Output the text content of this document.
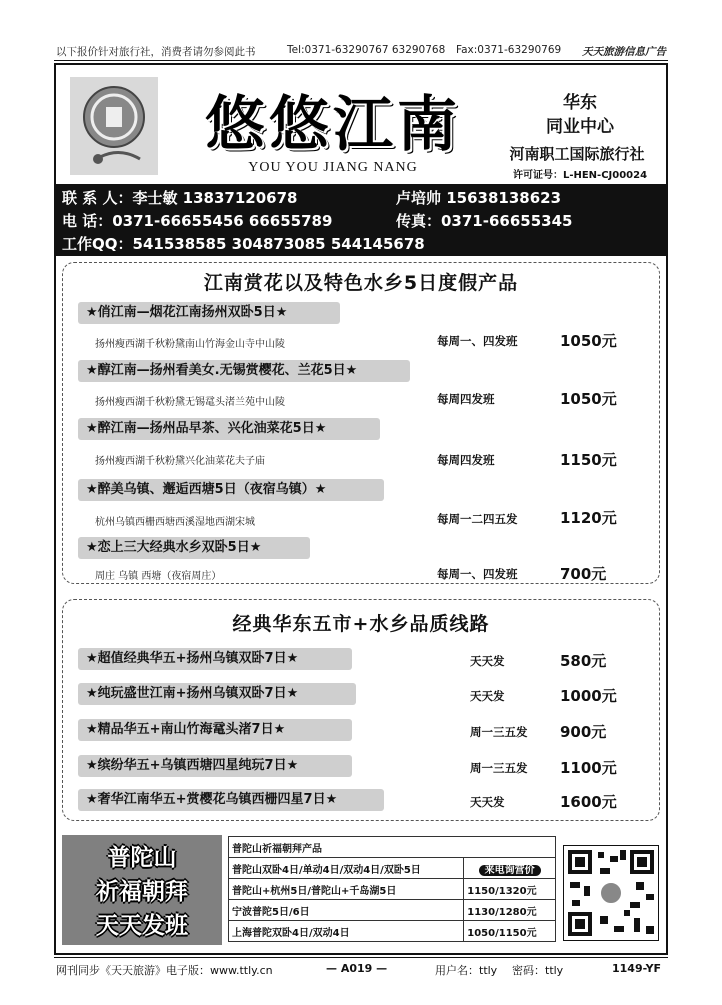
以下报价针对旅行社，消费者请勿参阅此书	Tel:0371-63290767 63290768 Fax:0371-63290769 天天旅游信息广告
悠悠江南
YOU YOU JIANG NANG
华东
同业中心
河南职工国际旅行社
许可证号：L-HEN-CJ00024
联 系 人：李士敏 13837120678	卢培帅 15638138623
电 话：0371-66655456 66655789	传真：0371-66655345
工作QQ：541538585 304873085 544145678
江南赏花以及特色水乡5日度假产品
★俏江南—烟花江南扬州双卧5日★
扬州瘦西湖千秋粉黛南山竹海金山寺中山陵	每周一、四发班	1050元
★醇江南—扬州看美女.无锡赏樱花、兰花5日★
扬州瘦西湖千秋粉黛无锡鼋头渚兰苑中山陵	每周四发班	1050元
★醉江南—扬州品早茶、兴化油菜花5日★
扬州瘦西湖千秋粉黛兴化油菜花夫子庙	每周四发班	1150元
★醉美乌镇、邂逅西塘5日（夜宿乌镇）★
杭州乌镇西栅西塘西溪湿地西湖宋城	每周一二四五发	1120元
★恋上三大经典水乡双卧5日★
周庄 乌镇 西塘（夜宿周庄）	每周一、四发班	700元
经典华东五市+水乡品质线路
★超值经典华五+扬州乌镇双卧7日★	天天发	580元
★纯玩盛世江南+扬州乌镇双卧7日★	天天发	1000元
★精品华五+南山竹海鼋头渚7日★	周一三五发 900元
★缤纷华五+乌镇西塘四星纯玩7日★	周一三五发 1100元
★奢华江南华五+赏樱花乌镇西栅四星7日★	天天发	1600元
普陀山
祈福朝拜
天天发班
普陀山祈福朝拜产品	
普陀山双卧4日/单动4日/双动4日/双卧5日	来电询营价
普陀山+杭州5日/普陀山+千岛湖5日	1150/1320元
宁波普陀5日/6日	1130/1280元
上海普陀双卧4日/双动4日	1050/1150元
网刊同步《天天旅游》电子版：www.ttly.cn	— A019 —	用户名：ttly 密码：ttly	1149-YF
